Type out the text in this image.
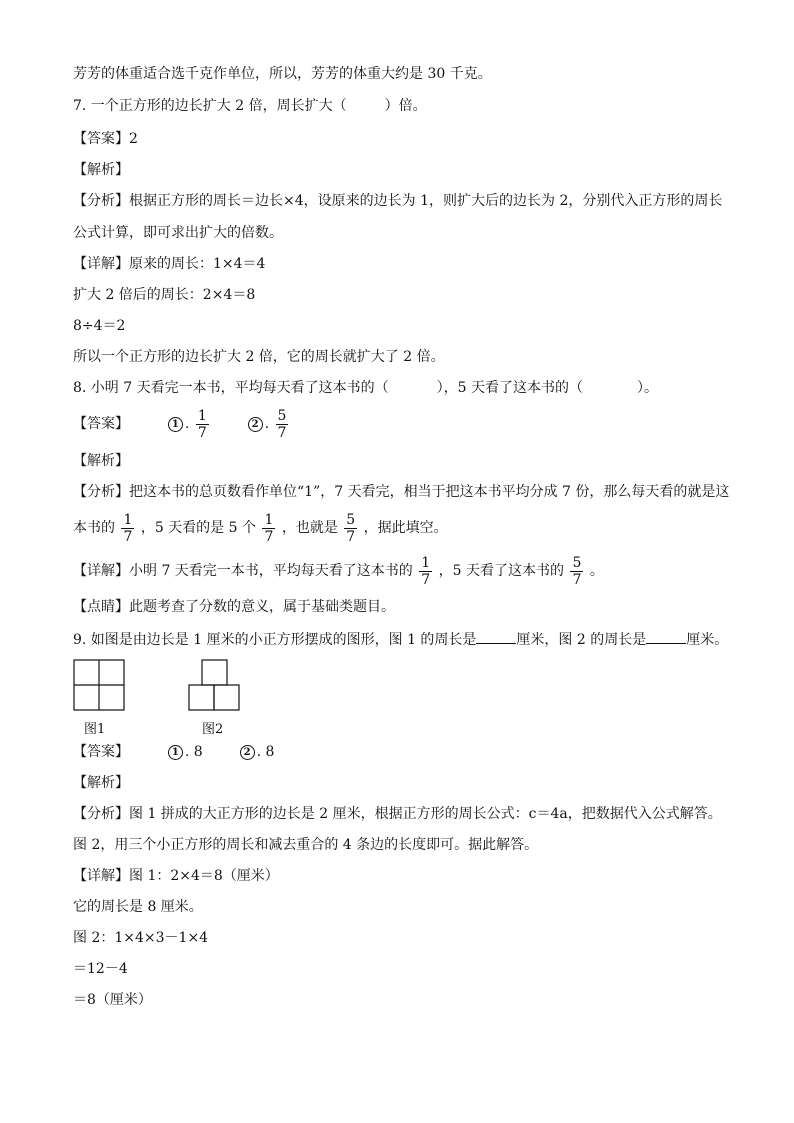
芳芳的体重适合选千克作单位，所以，芳芳的体重大约是 30 千克。
7. 一个正方形的边长扩大 2 倍，周长扩大（	）倍。
【答案】2
【解析】
【分析】根据正方形的周长＝边长×4，设原来的边长为 1，则扩大后的边长为 2，分别代入正方形的周长
公式计算，即可求出扩大的倍数。
【详解】原来的周长：1×4＝4
扩大 2 倍后的周长：2×4＝8
8÷4＝2
所以一个正方形的边长扩大 2 倍，它的周长就扩大了 2 倍。
8. 小明 7 天看完一本书，平均每天看了这本书的（	），5 天看了这本书的（	）。
【答案】	1 . $\frac{1}{7}$	2 . $\frac{5}{7}$
【解析】
【分析】把这本书的总页数看作单位“1”，7 天看完，相当于把这本书平均分成 7 份，那么每天看的就是这
本书的 $\frac{1}{7}$ ，5 天看的是 5 个 $\frac{1}{7}$ ，也就是 $\frac{5}{7}$ ，据此填空。
【详解】小明 7 天看完一本书，平均每天看了这本书的 $\frac{1}{7}$ ，5 天看了这本书的 $\frac{5}{7}$ 。
【点睛】此题考查了分数的意义，属于基础类题目。
9. 如图是由边长是 1 厘米的小正方形摆成的图形，图 1 的周长是	厘米，图 2 的周长是	厘米。
图1	图2
【答案】	1 . 8	2 . 8
【解析】
【分析】图 1 拼成的大正方形的边长是 2 厘米，根据正方形的周长公式：c＝4a，把数据代入公式解答。
图 2，用三个小正方形的周长和减去重合的 4 条边的长度即可。据此解答。
【详解】图 1：2×4＝8（厘米）
它的周长是 8 厘米。
图 2：1×4×3－1×4
＝12－4
＝8（厘米）
